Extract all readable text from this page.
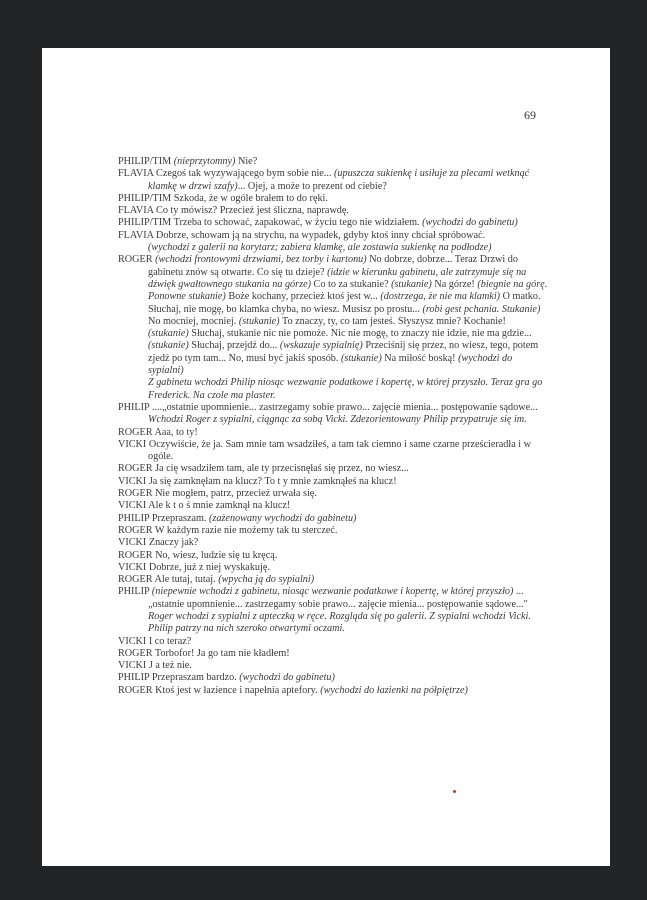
69

PHILIP/TIM (nieprzytomny) Nie?

FLAVIA Czegoś tak wyzywającego bym sobie nie... (upuszcza sukienkę i usiłuje za plecami wetknąć klamkę w drzwi szafy)... Ojej, a może to prezent od ciebie?

PHILIP/TIM Szkoda, że w ogóle brałem to do ręki.

FLAVIA Co ty mówisz? Przecież jest śliczna, naprawdę.

PHILIP/TIM Trzeba to schować, zapakować, w życiu tego nie widziałem. (wychodzi do gabinetu)

FLAVIA Dobrze, schowam ją na strychu, na wypadek, gdyby ktoś inny chciał spróbować.

(wychodzi z galerii na korytarz; zabiera klamkę, ale zostawia sukienkę na podłodze)

ROGER (wchodzi frontowymi drzwiami, bez torby i kartonu) No dobrze, dobrze... Teraz Drzwi do gabinetu znów są otwarte. Co się tu dzieje? (idzie w kierunku gabinetu, ale zatrzymuje się na dźwięk gwałtownego stukania na górze) Co to za stukanie? (stukanie) Na górze! (biegnie na górę. Ponowne stukanie) Boże kochany, przecież ktoś jest w... (dostrzega, że nie ma klamki) O matko. Słuchaj, nie mogę, bo klamka chyba, no wiesz. Musisz po prostu... (robi gest pchania. Stukanie) No mocniej, mocniej. (stukanie) To znaczy, ty, co tam jesteś. Słyszysz mnie? Kochanie! (stukanie) Słuchaj, stukanie nic nie pomoże. Nic nie mogę, to znaczy nie idzie, nie ma gdzie... (stukanie) Słuchaj, przejdź do... (wskazuje sypialnię) Przeciśnij się przez, no wiesz, tego, potem zjedź po tym tam... No, musi być jakiś sposób. (stukanie) Na miłość boską! (wychodzi do sypialni)

Z gabinetu wchodzi Philip niosąc wezwanie podatkowe i kopertę, w której przyszło. Teraz gra go Frederick. Na czole ma plaster.

PHILIP ....„ostatnie upomnienie... zastrzegamy sobie prawo... zajęcie mienia... postępowanie sądowe...

Wchodzi Roger z sypialni, ciągnąc za sobą Vicki. Zdezorientowany Philip przypatruje się im.

ROGER Aaa, to ty!

VICKI Oczywiście, że ja. Sam mnie tam wsadziłeś, a tam tak ciemno i same czarne prześcieradła i w ogóle.

ROGER Ja cię wsadziłem tam, ale ty przecisnęłaś się przez, no wiesz...

VICKI Ja się zamknęłam na klucz? To t y mnie zamknąłeś na klucz!

ROGER Nie mogłem, patrz, przecież urwała się.

VICKI Ale k t o ś mnie zamknął na klucz!

PHILIP Przepraszam. (zażenowany wychodzi do gabinetu)

ROGER W każdym razie nie możemy tak tu sterczeć.

VICKI Znaczy jak?

ROGER No, wiesz, ludzie się tu kręcą.

VICKI Dobrze, już z niej wyskakuję.

ROGER Ale tutaj, tutaj. (wpycha ją do sypialni)

PHILIP (niepewnie wchodzi z gabinetu, niosąc wezwanie podatkowe i kopertę, w której przyszło) ... „ostatnie upomnienie... zastrzegamy sobie prawo... zajęcie mienia... postępowanie sądowe..."

Roger wchodzi z sypialni z apteczką w ręce. Rozgląda się po galerii. Z sypialni wchodzi Vicki. Philip patrzy na nich szeroko otwartymi oczami.

VICKI I co teraz?

ROGER Torbofor! Ja go tam nie kładłem!

VICKI J a też nie.

PHILIP Przepraszam bardzo. (wychodzi do gabinetu)

ROGER Ktoś jest w łazience i napełnia aptefory. (wychodzi do łazienki na półpiętrze)
